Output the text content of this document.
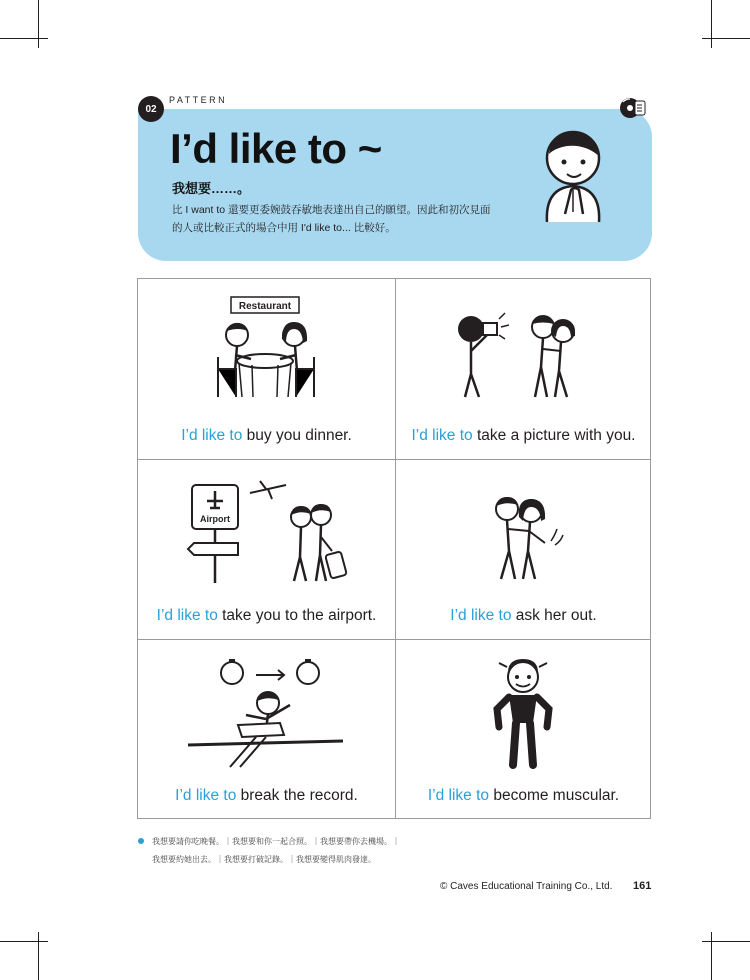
02
PATTERN
I’d like to ~
我想要……。
比 I want to 還要更委婉鼓吞敏地表達出自己的願望。因此和初次見面
的人或比較正式的場合中用 I'd like to... 比較好。
Restaurant
I’d like to buy you dinner.	I’d like to take a picture with you.
Airport
I’d like to take you to the airport.	I’d like to ask her out.
I’d like to break the record.	I’d like to become muscular.
我想要請你吃晚餐。｜我想要和你一起合照。｜我想要帶你去機場。｜
我想要約她出去。｜我想要打破記錄。｜我想要變得肌肉發達。
© Caves Educational Training Co., Ltd. 161
